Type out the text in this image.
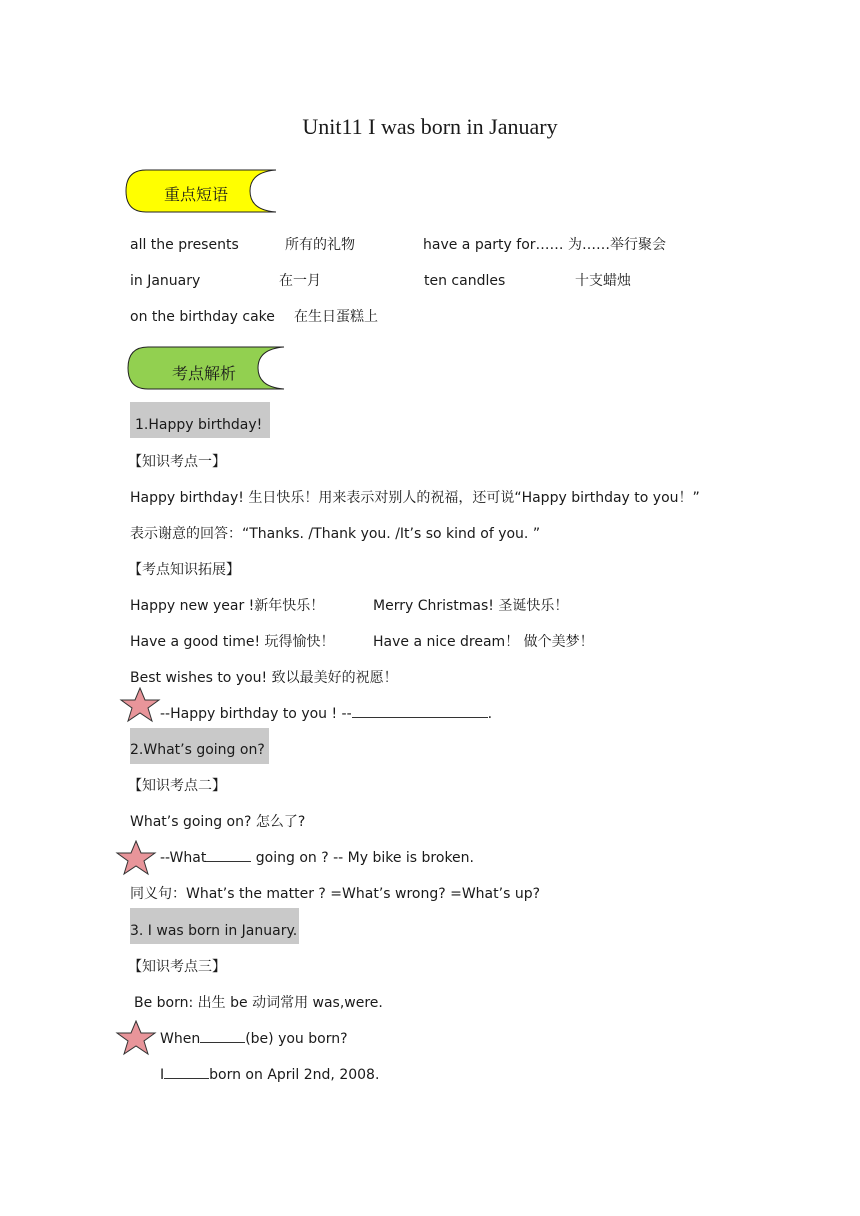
Unit11 I was born in January
重点短语
all the presents	所有的礼物	have a party for…… 为……举行聚会
in January	在一月	ten candles	十支蜡烛
on the birthday cake 在生日蛋糕上
考点解析
1.Happy birthday!
【知识考点一】
Happy birthday! 生日快乐！用来表示对别人的祝福，还可说“Happy birthday to you！”
表示谢意的回答：“Thanks. /Thank you. /It’s so kind of you. ”
【考点知识拓展】
Happy new year !新年快乐！	Merry Christmas! 圣诞快乐！
Have a good time! 玩得愉快！	Have a nice dream！ 做个美梦！
Best wishes to you! 致以最美好的祝愿！
--Happy birthday to you ! --	.
2.What’s going on?
【知识考点二】
What’s going on? 怎么了?
--What	going on ? -- My bike is broken.
同义句：What’s the matter ? =What’s wrong? =What’s up?
3. I was born in January.
【知识考点三】
Be born: 出生 be 动词常用 was,were.
When	(be) you born?
I	born on April 2nd, 2008.
